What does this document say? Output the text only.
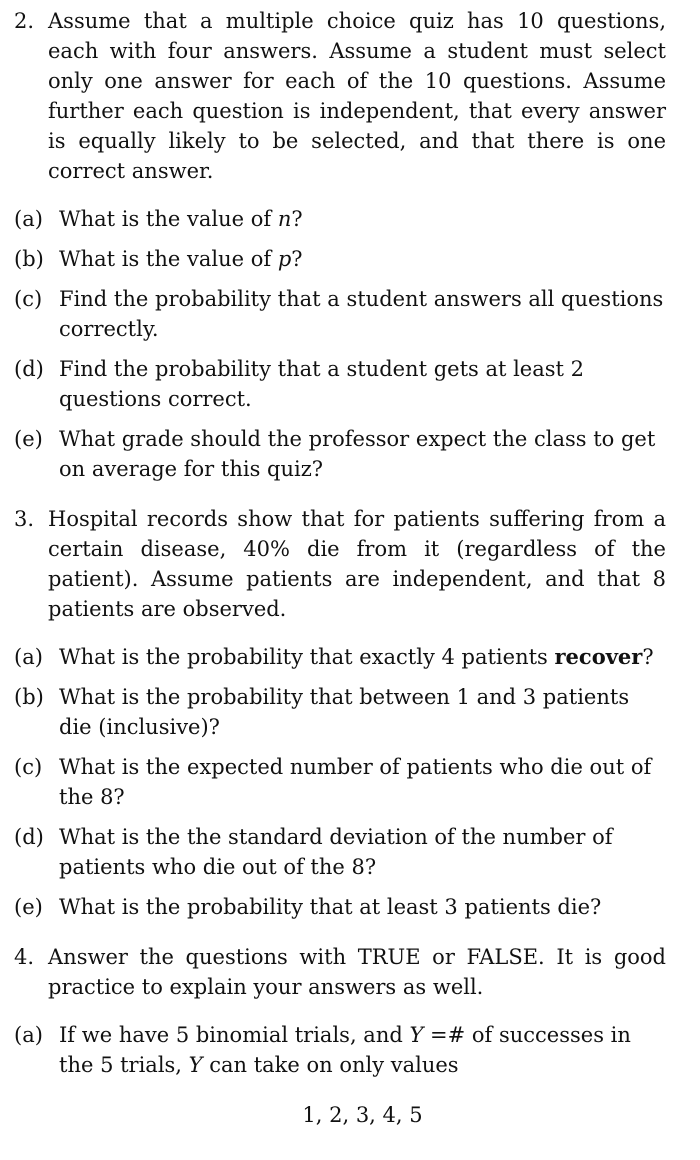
2. Assume that a multiple choice quiz has 10 questions, each with four answers. Assume a student must select only one answer for each of the 10 questions. Assume further each question is independent, that every answer is equally likely to be selected, and that there is one correct answer.
(a) What is the value of n?
(b) What is the value of p?
(c) Find the probability that a student answers all questions correctly.
(d) Find the probability that a student gets at least 2 questions correct.
(e) What grade should the professor expect the class to get on average for this quiz?
3. Hospital records show that for patients suffering from a certain disease, 40% die from it (regardless of the patient). Assume patients are independent, and that 8 patients are observed.
(a) What is the probability that exactly 4 patients recover?
(b) What is the probability that between 1 and 3 patients die (inclusive)?
(c) What is the expected number of patients who die out of the 8?
(d) What is the the standard deviation of the number of patients who die out of the 8?
(e) What is the probability that at least 3 patients die?
4. Answer the questions with TRUE or FALSE. It is good practice to explain your answers as well.
(a) If we have 5 binomial trials, and Y =# of successes in the 5 trials, Y can take on only values
1, 2, 3, 4, 5
